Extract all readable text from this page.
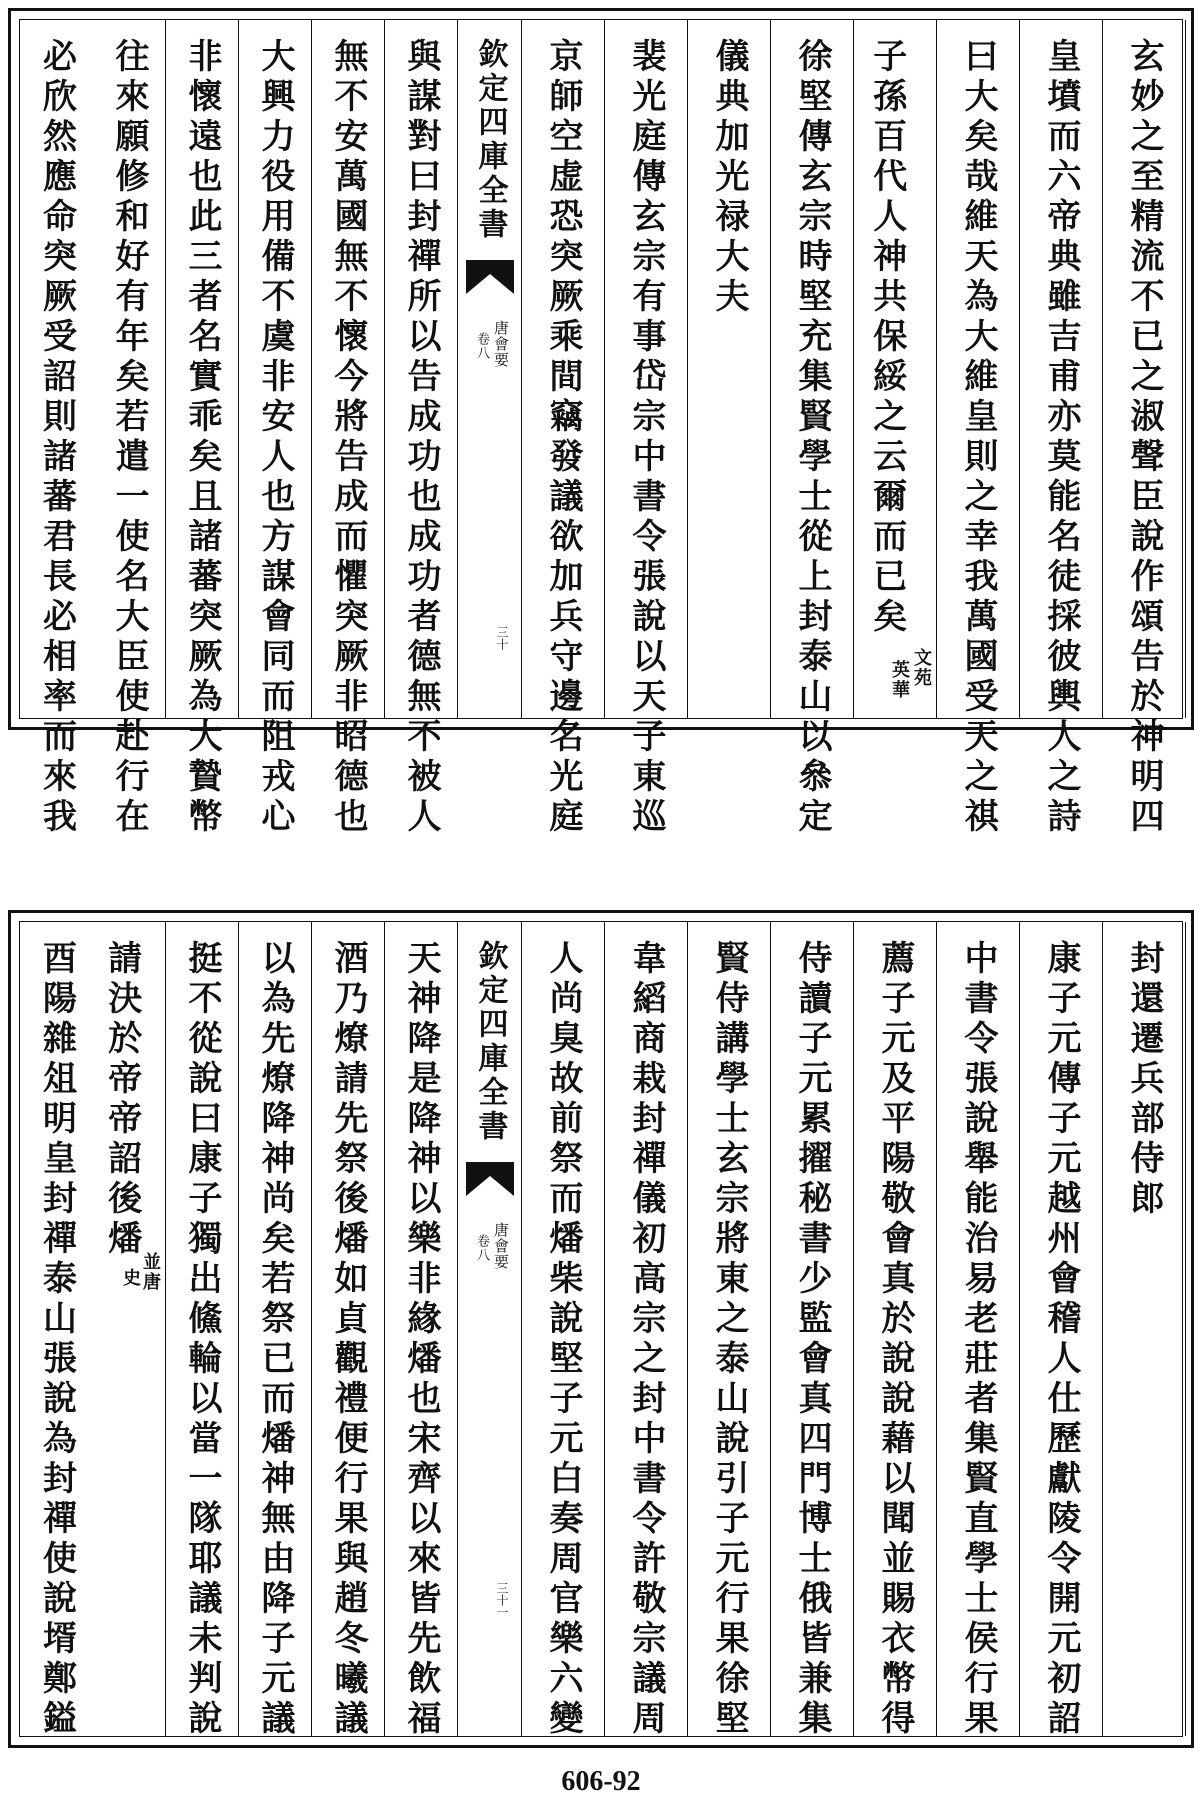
玄妙之至精流不已之淑聲臣說作頌告於神明四
皇墳而六帝典雖吉甫亦莫能名徒採彼輿人之詩
曰大矣哉維天為大維皇則之幸我萬國受天之祺
子孫百代人神共保綏之云爾而已矣
文苑
英華
徐堅傳玄宗時堅充集賢學士從上封泰山以叅定
儀典加光禄大夫
裴光庭傳玄宗有事岱宗中書令張說以天子東巡
京師空虚恐突厥乘間竊發議欲加兵守邊名光庭
欽定四庫全書
唐會要
卷八
三十
與謀對曰封禪所以告成功也成功者德無不被人
無不安萬國無不懷今將告成而懼突厥非昭德也
大興力役用備不虞非安人也方謀會同而阻戎心
非懷遠也此三者名實乖矣且諸蕃突厥為大贄幣
往來願修和好有年矣若遣一使名大臣使赴行在
必欣然應命突厥受詔則諸蕃君長必相率而來我
封還遷兵部侍郎
康子元傳子元越州會稽人仕歷獻陵令開元初詔
中書令張說舉能治易老莊者集賢直學士侯行果
薦子元及平陽敬會真於說說藉以聞並賜衣幣得
侍讀子元累擢秘書少監會真四門博士俄皆兼集
賢侍講學士玄宗將東之泰山說引子元行果徐堅
韋縚商栽封禪儀初高宗之封中書令許敬宗議周
人尚臭故前祭而燔柴說堅子元白奏周官樂六變
欽定四庫全書
唐會要
卷八
三十一
天神降是降神以樂非緣燔也宋齊以來皆先飲福
酒乃燎請先祭後燔如貞觀禮便行果與趙冬曦議
以為先燎降神尚矣若祭已而燔神無由降子元議
挺不從說曰康子獨出鯈輪以當一隊耶議未判說
請決於帝帝詔後燔
並唐
史
酉陽雜俎明皇封禪泰山張說為封禪使說壻鄭鎰
606-92
